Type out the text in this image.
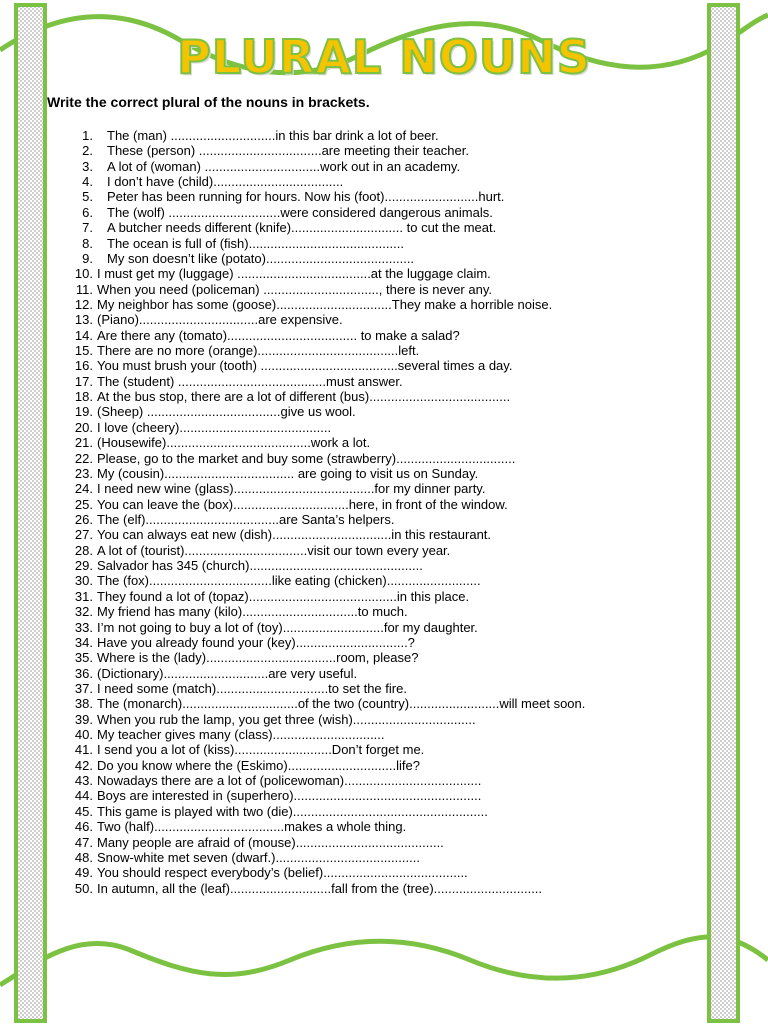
PLURAL NOUNS
Write the correct plural of the nouns in brackets.
1.	The (man) .............................in this bar drink a lot of beer.
2.	These (person) ..................................are meeting their teacher.
3.	A lot of (woman) ................................work out in an academy.
4.	I don’t have (child)....................................
5.	Peter has been running for hours. Now his (foot)..........................hurt.
6.	The (wolf) ...............................were considered dangerous animals.
7.	A butcher needs different (knife)............................... to cut the meat.
8.	The ocean is full of (fish)...........................................
9.	My son doesn’t like (potato).........................................
10. I must get my (luggage) .....................................at the luggage claim.
11. When you need (policeman) ................................, there is never any.
12. My neighbor has some (goose)................................They make a horrible noise.
13. (Piano).................................are expensive.
14. Are there any (tomato).................................... to make a salad?
15. There are no more (orange).......................................left.
16. You must brush your (tooth) ......................................several times a day.
17. The (student) .........................................must answer.
18. At the bus stop, there are a lot of different (bus).......................................
19. (Sheep) .....................................give us wool.
20. I love (cheery)..........................................
21. (Housewife)........................................work a lot.
22. Please, go to the market and buy some (strawberry).................................
23. My (cousin).................................... are going to visit us on Sunday.
24. I need new wine (glass).......................................for my dinner party.
25. You can leave the (box)................................here, in front of the window.
26. The (elf).....................................are Santa’s helpers.
27. You can always eat new (dish).................................in this restaurant.
28. A lot of (tourist)..................................visit our town every year.
29. Salvador has 345 (church)................................................
30. The (fox)..................................like eating (chicken)..........................
31. They found a lot of (topaz).........................................in this place.
32. My friend has many (kilo)................................to much.
33. I’m not going to buy a lot of (toy)............................for my daughter.
34. Have you already found your (key)...............................?
35. Where is the (lady)....................................room, please?
36. (Dictionary).............................are very useful.
37. I need some (match)...............................to set the fire.
38. The (monarch)................................of the two (country).........................will meet soon.
39. When you rub the lamp, you get three (wish)..................................
40. My teacher gives many (class)...............................
41. I send you a lot of (kiss)...........................Don’t forget me.
42. Do you know where the (Eskimo)..............................life?
43. Nowadays there are a lot of (policewoman)......................................
44. Boys are interested in (superhero)....................................................
45. This game is played with two (die)......................................................
46. Two (half)....................................makes a whole thing.
47. Many people are afraid of (mouse).........................................
48. Snow-white met seven (dwarf.)........................................
49. You should respect everybody’s (belief)........................................
50. In autumn, all the (leaf)............................fall from the (tree)..............................
